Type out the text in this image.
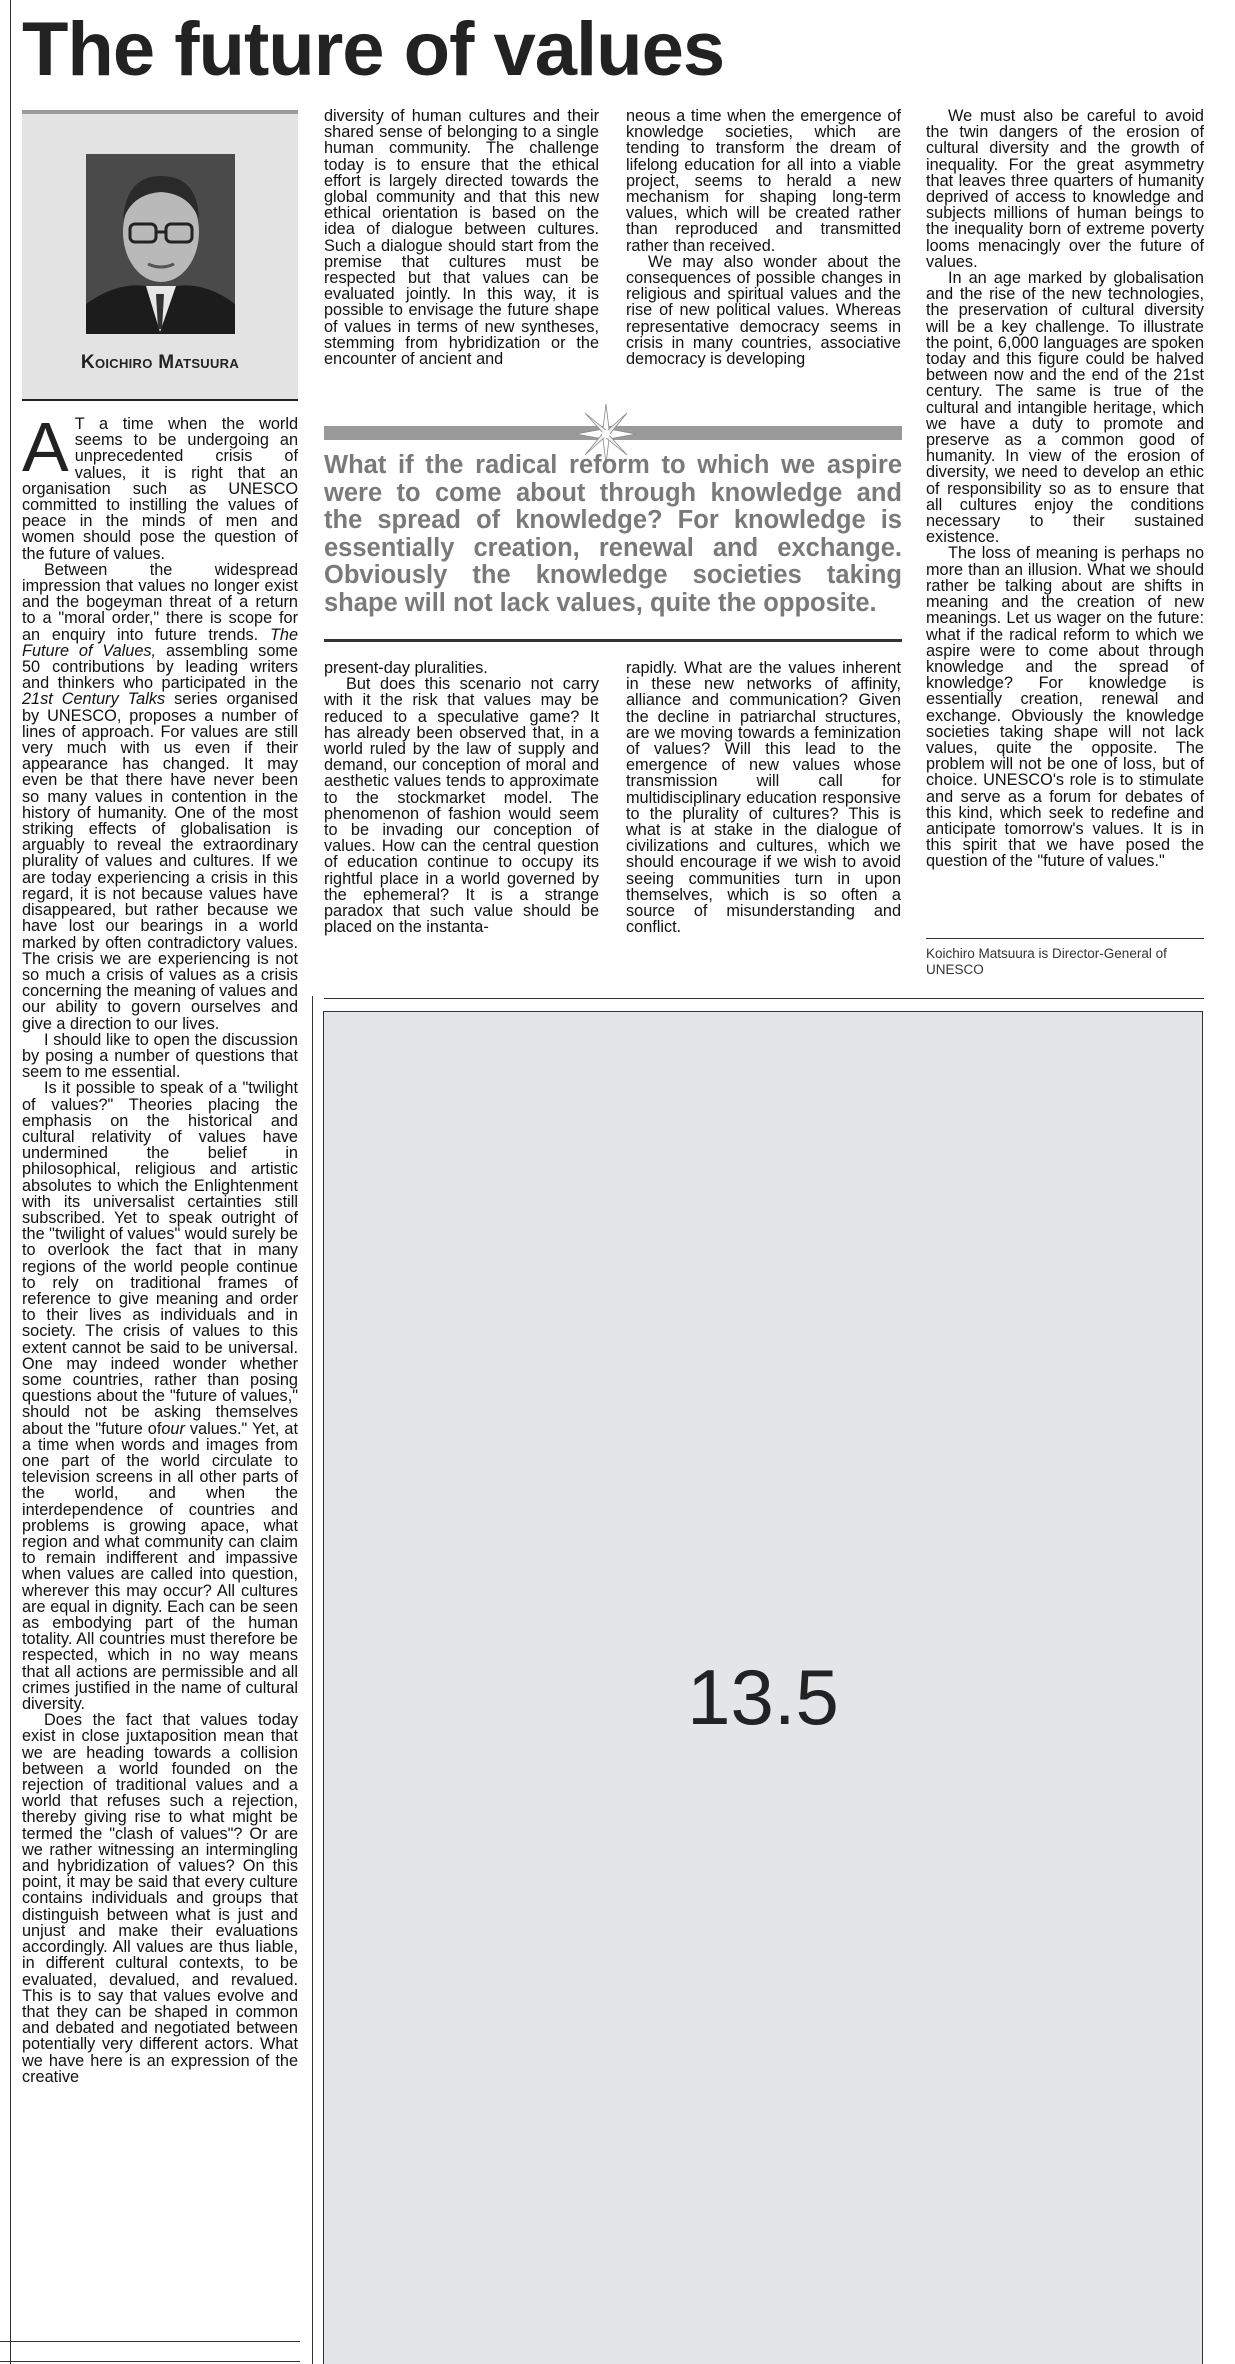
The future of values
Koichiro Matsuura

A T a time when the world seems to be undergoing an unprecedented crisis of values, it is right that an organisation such as UNESCO committed to instilling the values of peace in the minds of men and women should pose the question of the future of values.

Between the widespread impression that values no longer exist and the bogeyman threat of a return to a "moral order," there is scope for an enquiry into future trends. The Future of Values, assembling some 50 contributions by leading writers and thinkers who participated in the 21st Century Talks series organised by UNESCO, proposes a number of lines of approach. For values are still very much with us even if their appearance has changed. It may even be that there have never been so many values in contention in the history of humanity. One of the most striking effects of globalisation is arguably to reveal the extraordinary plurality of values and cultures. If we are today experiencing a crisis in this regard, it is not because values have disappeared, but rather because we have lost our bearings in a world marked by often contradictory values. The crisis we are experiencing is not so much a crisis of values as a crisis concerning the meaning of values and our ability to govern ourselves and give a direction to our lives.

I should like to open the discussion by posing a number of questions that seem to me essential.

Is it possible to speak of a "twilight of values?" Theories placing the emphasis on the historical and cultural relativity of values have undermined the belief in philosophical, religious and artistic absolutes to which the Enlightenment with its universalist certainties still subscribed. Yet to speak outright of the "twilight of values" would surely be to overlook the fact that in many regions of the world people continue to rely on traditional frames of reference to give meaning and order to their lives as individuals and in society. The crisis of values to this extent cannot be said to be universal. One may indeed wonder whether some countries, rather than posing questions about the "future of values," should not be asking themselves about the "future ofour values." Yet, at a time when words and images from one part of the world circulate to television screens in all other parts of the world, and when the interdependence of countries and problems is growing apace, what region and what community can claim to remain indifferent and impassive when values are called into question, wherever this may occur? All cultures are equal in dignity. Each can be seen as embodying part of the human totality. All countries must therefore be respected, which in no way means that all actions are permissible and all crimes justified in the name of cultural diversity.

Does the fact that values today exist in close juxtaposition mean that we are heading towards a collision between a world founded on the rejection of traditional values and a world that refuses such a rejection, thereby giving rise to what might be termed the "clash of values"? Or are we rather witnessing an intermingling and hybridization of values? On this point, it may be said that every culture contains individuals and groups that distinguish between what is just and unjust and make their evaluations accordingly. All values are thus liable, in different cultural contexts, to be evaluated, devalued, and revalued. This is to say that values evolve and that they can be shaped in common and debated and negotiated between potentially very different actors. What we have here is an expression of the creative

diversity of human cultures and their shared sense of belonging to a single human community. The challenge today is to ensure that the ethical effort is largely directed towards the global community and that this new ethical orientation is based on the idea of dialogue between cultures. Such a dialogue should start from the premise that cultures must be respected but that values can be evaluated jointly. In this way, it is possible to envisage the future shape of values in terms of new syntheses, stemming from hybridization or the encounter of ancient and

neous a time when the emergence of knowledge societies, which are tending to transform the dream of lifelong education for all into a viable project, seems to herald a new mechanism for shaping long-term values, which will be created rather than reproduced and transmitted rather than received.

We may also wonder about the consequences of possible changes in religious and spiritual values and the rise of new political values. Whereas representative democracy seems in crisis in many countries, associative democracy is developing

What if the radical reform to which we aspire were to come about through knowledge and the spread of knowledge? For knowledge is essentially creation, renewal and exchange. Obviously the knowledge societies taking shape will not lack values, quite the opposite.

present-day pluralities.

But does this scenario not carry with it the risk that values may be reduced to a speculative game? It has already been observed that, in a world ruled by the law of supply and demand, our conception of moral and aesthetic values tends to approximate to the stockmarket model. The phenomenon of fashion would seem to be invading our conception of values. How can the central question of education continue to occupy its rightful place in a world governed by the ephemeral? It is a strange paradox that such value should be placed on the instanta-

rapidly. What are the values inherent in these new networks of affinity, alliance and communication? Given the decline in patriarchal structures, are we moving towards a feminization of values? Will this lead to the emergence of new values whose transmission will call for multidisciplinary education responsive to the plurality of cultures? This is what is at stake in the dialogue of civilizations and cultures, which we should encourage if we wish to avoid seeing communities turn in upon themselves, which is so often a source of misunderstanding and conflict.

We must also be careful to avoid the twin dangers of the erosion of cultural diversity and the growth of inequality. For the great asymmetry that leaves three quarters of humanity deprived of access to knowledge and subjects millions of human beings to the inequality born of extreme poverty looms menacingly over the future of values.

In an age marked by globalisation and the rise of the new technologies, the preservation of cultural diversity will be a key challenge. To illustrate the point, 6,000 languages are spoken today and this figure could be halved between now and the end of the 21st century. The same is true of the cultural and intangible heritage, which we have a duty to promote and preserve as a common good of humanity. In view of the erosion of diversity, we need to develop an ethic of responsibility so as to ensure that all cultures enjoy the conditions necessary to their sustained existence.

The loss of meaning is perhaps no more than an illusion. What we should rather be talking about are shifts in meaning and the creation of new meanings. Let us wager on the future: what if the radical reform to which we aspire were to come about through knowledge and the spread of knowledge? For knowledge is essentially creation, renewal and exchange. Obviously the knowledge societies taking shape will not lack values, quite the opposite. The problem will not be one of loss, but of choice. UNESCO's role is to stimulate and serve as a forum for debates of this kind, which seek to redefine and anticipate tomorrow's values. It is in this spirit that we have posed the question of the "future of values."

Koichiro Matsuura is Director-General of UNESCO
13.5
